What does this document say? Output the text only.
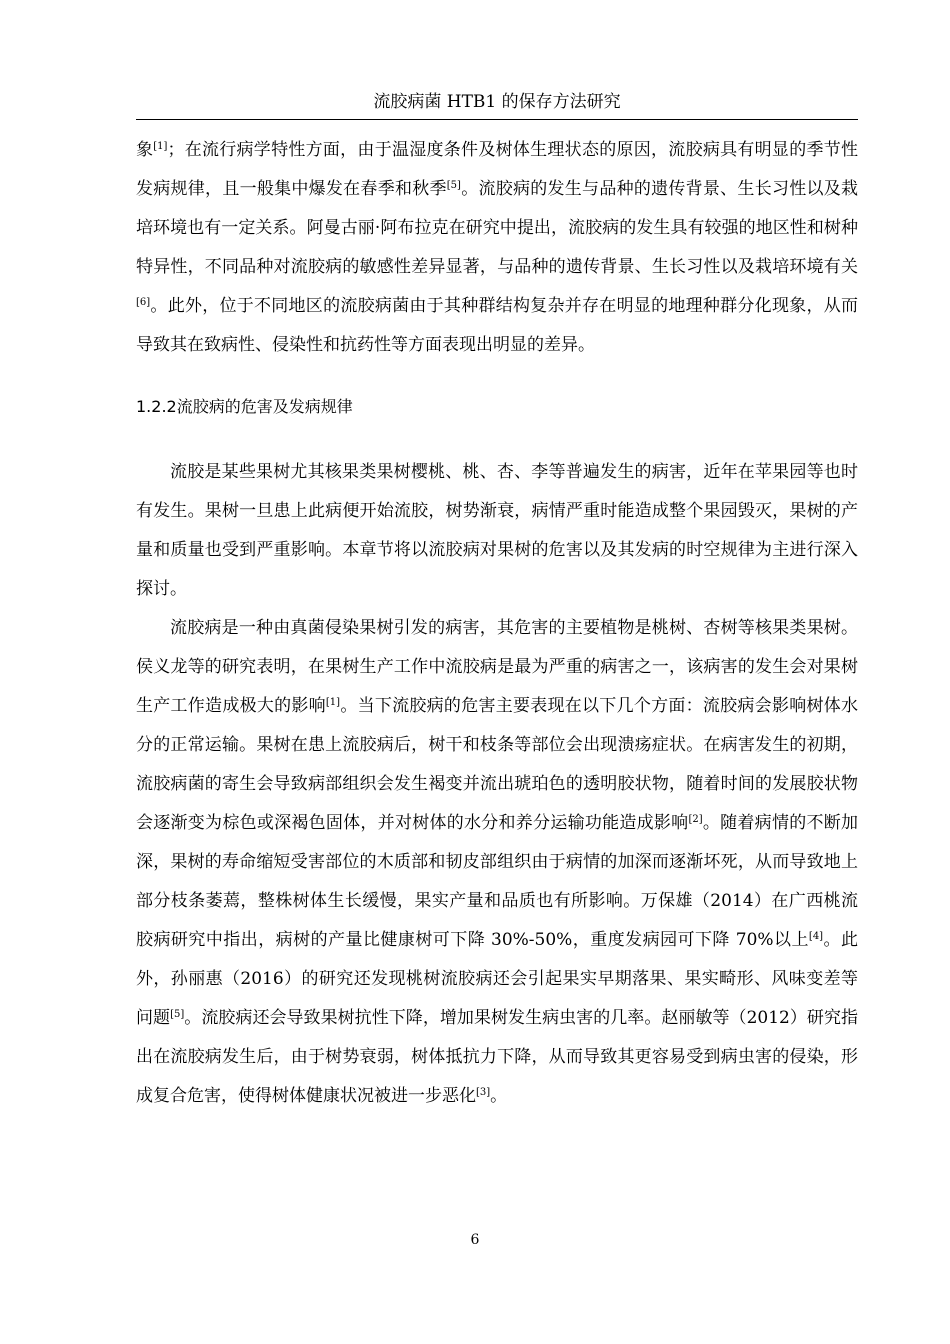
流胶病菌 HTB1 的保存方法研究

象[1]；在流行病学特性方面，由于温湿度条件及树体生理状态的原因，流胶病具有明显的季节性发病规律，且一般集中爆发在春季和秋季[5]。流胶病的发生与品种的遗传背景、生长习性以及栽培环境也有一定关系。阿曼古丽·阿布拉克在研究中提出，流胶病的发生具有较强的地区性和树种特异性，不同品种对流胶病的敏感性差异显著，与品种的遗传背景、生长习性以及栽培环境有关[6]。此外，位于不同地区的流胶病菌由于其种群结构复杂并存在明显的地理种群分化现象，从而导致其在致病性、侵染性和抗药性等方面表现出明显的差异。

1.2.2流胶病的危害及发病规律

流胶是某些果树尤其核果类果树樱桃、桃、杏、李等普遍发生的病害，近年在苹果园等也时有发生。果树一旦患上此病便开始流胶，树势渐衰，病情严重时能造成整个果园毁灭，果树的产量和质量也受到严重影响。本章节将以流胶病对果树的危害以及其发病的时空规律为主进行深入探讨。

流胶病是一种由真菌侵染果树引发的病害，其危害的主要植物是桃树、杏树等核果类果树。侯义龙等的研究表明，在果树生产工作中流胶病是最为严重的病害之一，该病害的发生会对果树生产工作造成极大的影响[1]。当下流胶病的危害主要表现在以下几个方面：流胶病会影响树体水分的正常运输。果树在患上流胶病后，树干和枝条等部位会出现溃疡症状。在病害发生的初期，流胶病菌的寄生会导致病部组织会发生褐变并流出琥珀色的透明胶状物，随着时间的发展胶状物会逐渐变为棕色或深褐色固体，并对树体的水分和养分运输功能造成影响[2]。随着病情的不断加深，果树的寿命缩短受害部位的木质部和韧皮部组织由于病情的加深而逐渐坏死，从而导致地上部分枝条萎蔫，整株树体生长缓慢，果实产量和品质也有所影响。万保雄（2014）在广西桃流胶病研究中指出，病树的产量比健康树可下降 30%-50%，重度发病园可下降 70%以上[4]。此外，孙丽惠（2016）的研究还发现桃树流胶病还会引起果实早期落果、果实畸形、风味变差等问题[5]。流胶病还会导致果树抗性下降，增加果树发生病虫害的几率。赵丽敏等（2012）研究指出在流胶病发生后，由于树势衰弱，树体抵抗力下降，从而导致其更容易受到病虫害的侵染，形成复合危害，使得树体健康状况被进一步恶化[3]。

6
